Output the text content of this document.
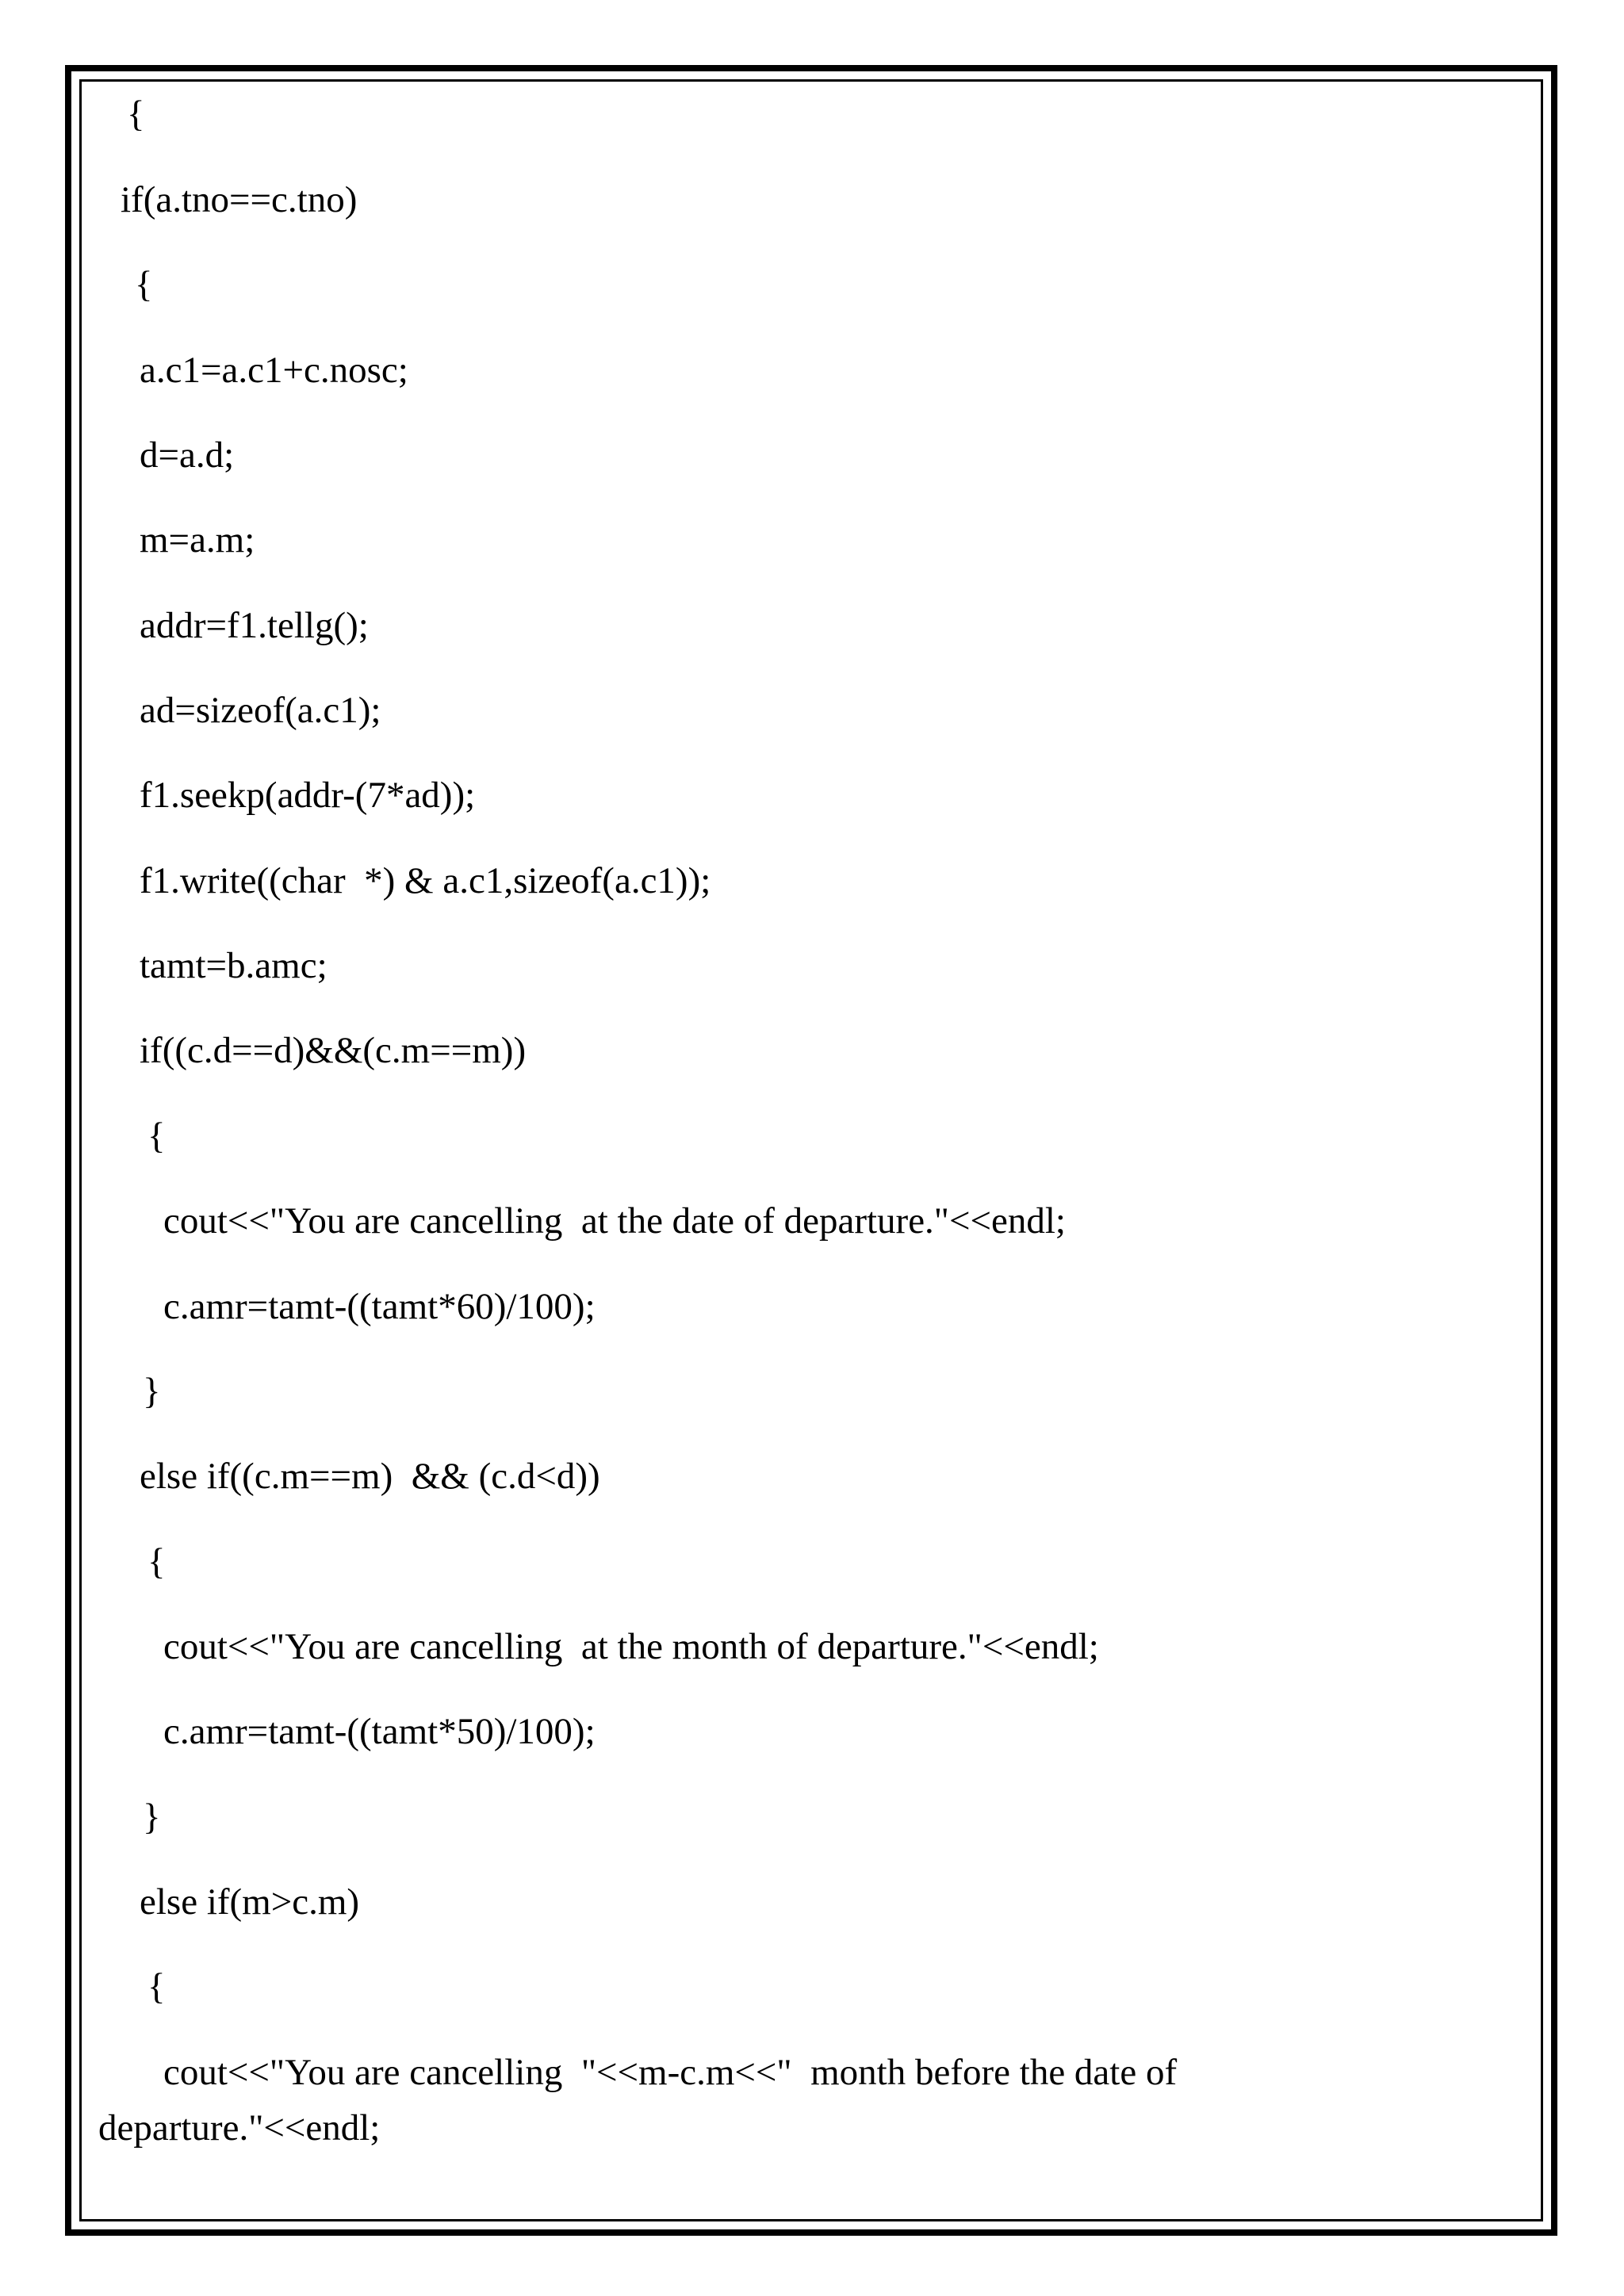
{

if(a.tno==c.tno)

{

a.c1=a.c1+c.nosc;

d=a.d;

m=a.m;

addr=f1.tellg();

ad=sizeof(a.c1);

f1.seekp(addr-(7*ad));

f1.write((char  *) & a.c1,sizeof(a.c1));

tamt=b.amc;

if((c.d==d)&&(c.m==m))

{

cout<<"You are cancelling  at the date of departure."<<endl;

c.amr=tamt-((tamt*60)/100);

}

else if((c.m==m)  && (c.d<d))

{

cout<<"You are cancelling  at the month of departure."<<endl;

c.amr=tamt-((tamt*50)/100);

}

else if(m>c.m)

{

cout<<"You are cancelling  "<<m-c.m<<"  month before the date of

departure."<<endl;
